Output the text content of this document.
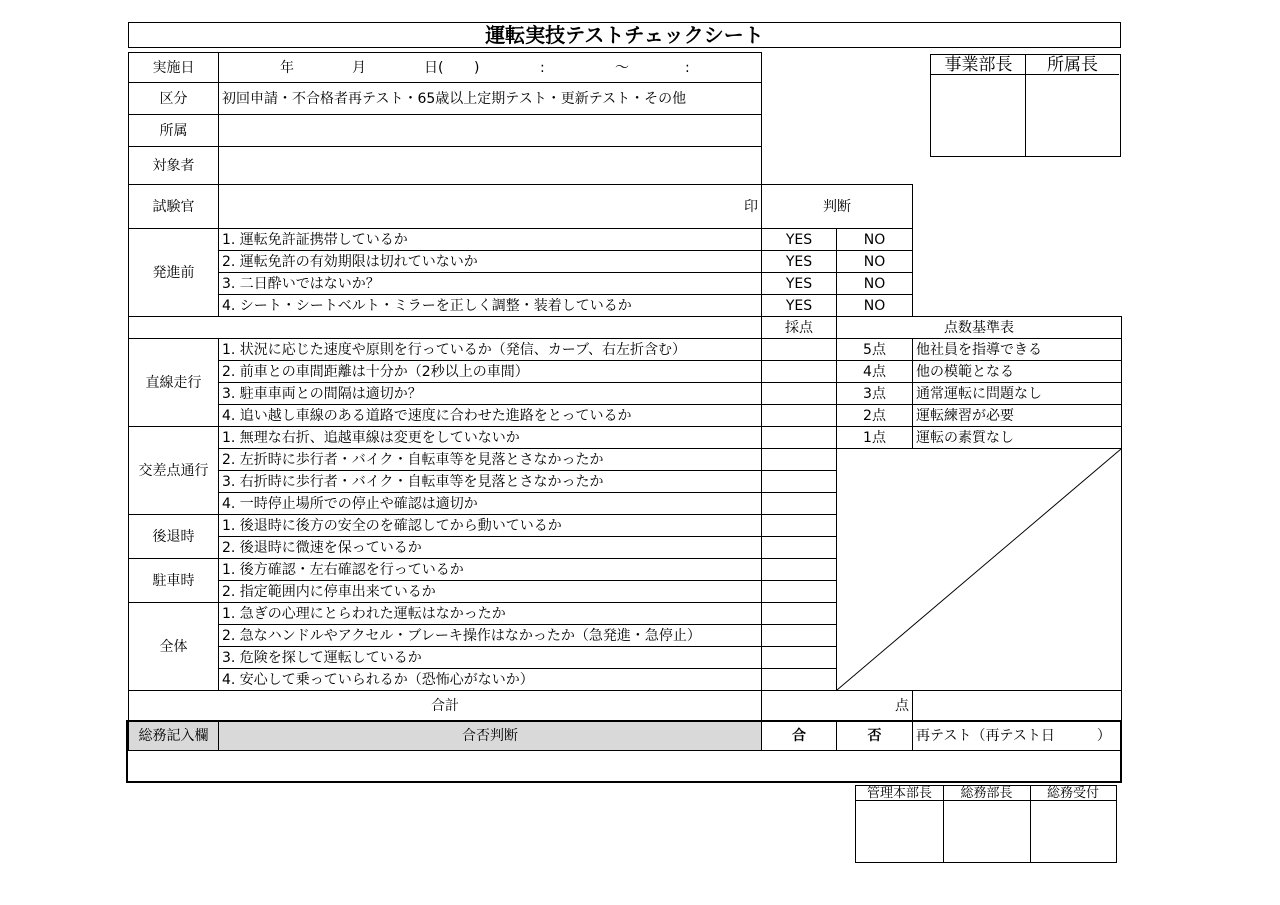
運転実技テストチェックシート
事業部長	所属長
実施日	年 月 日( ) : ～ :			
区分	初回申請・不合格者再テスト・65歳以上定期テスト・更新テスト・その他			
所属				
対象者				
試験官	印	判断		
発進前	1. 運転免許証携帯しているか	YES	NO	
	2. 運転免許の有効期限は切れていないか	YES	NO	
	3. 二日酔いではないか？	YES	NO	
	4. シート・シートベルト・ミラーを正しく調整・装着しているか	YES	NO	
		採点	点数基準表	
直線走行	1. 状況に応じた速度や原則を行っているか（発信、カーブ、右左折含む）		5点	他社員を指導できる
	2. 前車との車間距離は十分か（2秒以上の車間）		4点	他の模範となる
	3. 駐車車両との間隔は適切か？		3点	通常運転に問題なし
	4. 追い越し車線のある道路で速度に合わせた進路をとっているか		2点	運転練習が必要
交差点通行	1. 無理な右折、追越車線は変更をしていないか		1点	運転の素質なし
	2. 左折時に歩行者・バイク・自転車等を見落とさなかったか		

	3. 右折時に歩行者・バイク・自転車等を見落とさなかったか			
	4. 一時停止場所での停止や確認は適切か			
後退時	1. 後退時に後方の安全のを確認してから動いているか			
	2. 後退時に微速を保っているか			
駐車時	1. 後方確認・左右確認を行っているか			
	2. 指定範囲内に停車出来ているか			
全体	1. 急ぎの心理にとらわれた運転はなかったか			
	2. 急なハンドルやアクセル・ブレーキ操作はなかったか（急発進・急停止）			
	3. 危険を探して運転しているか			
	4. 安心して乗っていられるか（恐怖心がないか）			
合計		点		
総務記入欄	合否判断	合	否	再テスト（再テスト日　　　）
管理本部長	総務部長	総務受付
